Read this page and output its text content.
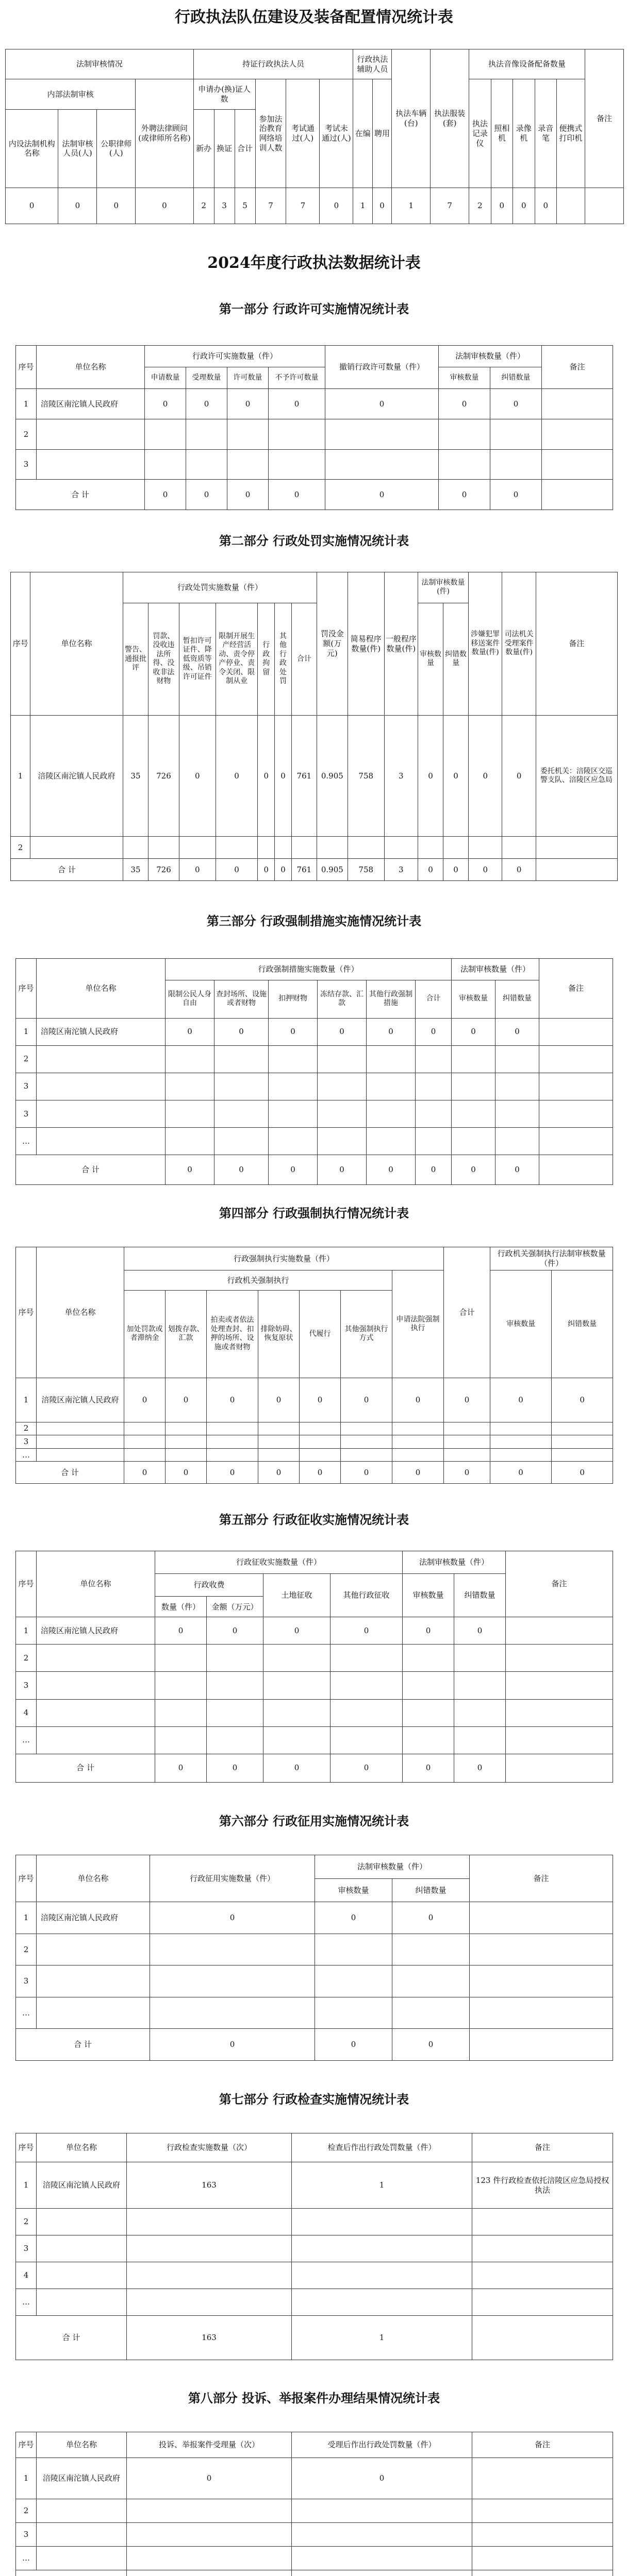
行政执法队伍建设及装备配置情况统计表
法制审核情况				持证行政执法人员						行政执法辅助人员		执法车辆(台)	执法服装(套)	执法音像设备配备数量					备注
内部法制审核			外聘法律顾问(或律师所名称)	申请办(换)证人数			参加法治教育网络培训人数	考试通过(人)	考试未通过(人)	在编	聘用			执法记录仪	照相机	录像机	录音笔	便携式打印机	
内设法制机构名称	法制审核人员(人)	公职律师(人)		新办	换证	合计													
0	0	0	0	2	3	5	7	7	0	1	0	1	7	2	0	0	0		
2024年度行政执法数据统计表
第一部分 行政许可实施情况统计表
序号	单位名称	行政许可实施数量（件）				撤销行政许可数量（件）	法制审核数量（件）		备注
		申请数量	受理数量	许可数量	不予许可数量		审核数量	纠错数量	
1	涪陵区南沱镇人民政府	0	0	0	0	0	0	0	
2									
3									
合 计		0	0	0	0	0	0	0	
第二部分 行政处罚实施情况统计表
序号	单位名称	行政处罚实施数量（件）							罚没金额(万元)	简易程序数量(件)	一般程序数量(件)	法制审核数量(件)		涉嫌犯罪移送案件数量(件)	司法机关受理案件数量(件)	备注
		警告、通报批评	罚款、没收违法所得、没收非法财物	暂扣许可证件、降低资质等级、吊销许可证件	限制开展生产经营活动、责令停产停业、责令关闭、限制从业	行政拘留	其他行政处罚	合计				审核数量	纠错数量			

1	涪陵区南沱镇人民政府	35	726	0	0	0	0	761	0.905	758	3	0	0	0	0	委托机关：涪陵区交巡警支队、涪陵区应急局
2																
合 计		35	726	0	0	0	0	761	0.905	758	3	0	0	0	0	
第三部分 行政强制措施实施情况统计表
序号	单位名称	行政强制措施实施数量（件）						法制审核数量（件）		备注
		限制公民人身自由	查封场所、设施或者财物	扣押财物	冻结存款、汇款	其他行政强制措施	合计	审核数量	纠错数量	
1	涪陵区南沱镇人民政府	0	0	0	0	0	0	0	0	
2										
3										
3										
…										
合 计		0	0	0	0	0	0	0	0	
第四部分 行政强制执行情况统计表
序号	单位名称	行政强制执行实施数量（件）							合计	行政机关强制执行法制审核数量（件）	
		行政机关强制执行						申请法院强制执行		审核数量	纠错数量
		加处罚款或者滞纳金	划拨存款、汇款	拍卖或者依法处理查封、扣押的场所、设施或者财物	排除妨碍、恢复原状	代履行	其他强制执行方式				
1	涪陵区南沱镇人民政府	0	0	0	0	0	0	0	0	0	0
2											
3											
…											
合 计		0	0	0	0	0	0	0	0	0	0
第五部分 行政征收实施情况统计表
序号	单位名称	行政征收实施数量（件）				法制审核数量（件）		备注
		行政收费		土地征收	其他行政征收	审核数量	纠错数量	
		数量（件）	金额（万元）					
1	涪陵区南沱镇人民政府	0	0	0	0	0	0	
2								
3								
4								
…								
合 计		0	0	0	0	0	0	
第六部分 行政征用实施情况统计表
序号	单位名称	行政征用实施数量（件）	法制审核数量（件）		备注
			审核数量	纠错数量	
1	涪陵区南沱镇人民政府	0	0	0	
2					
3					
…					
合 计		0	0	0	
第七部分 行政检查实施情况统计表
序号	单位名称	行政检查实施数量（次）	检查后作出行政处罚数量（件）	备注
1	涪陵区南沱镇人民政府	163	1	123 件行政检查依托涪陵区应急局授权执法
2				
3				
4				
…				
合 计		163	1	
第八部分 投诉、举报案件办理结果情况统计表
序号	单位名称	投诉、举报案件受理量（次）	受理后作出行政处罚数量（件）	备注
1	涪陵区南沱镇人民政府	0	0	
2				
3				
…				
